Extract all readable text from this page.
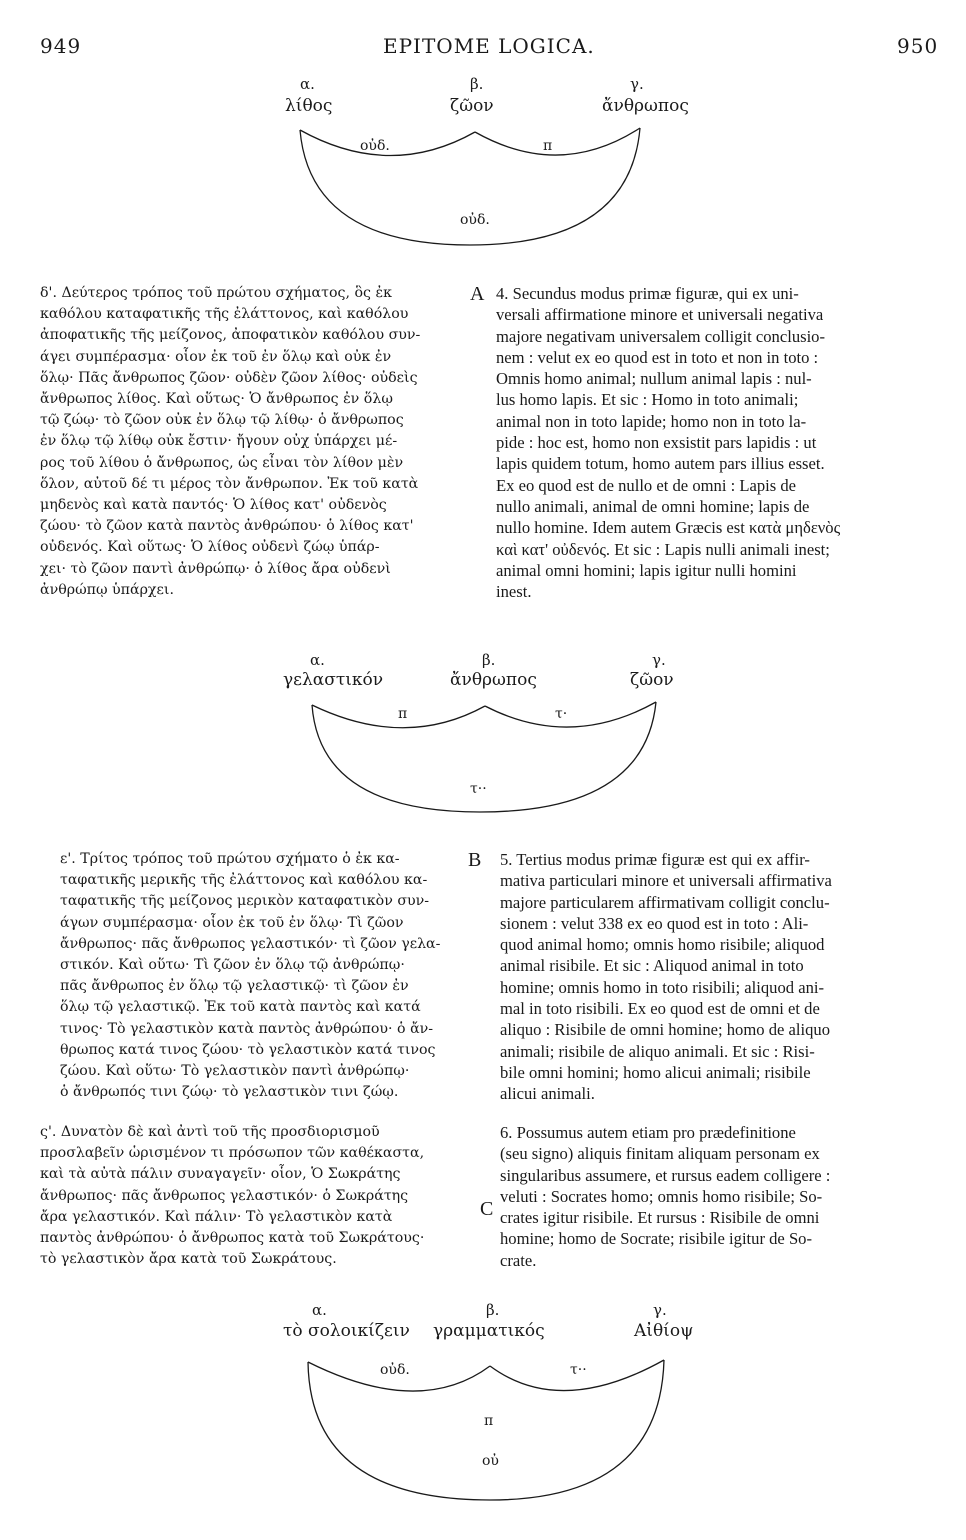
949	EPITOME LOGICA.	950
α.
λίθος
β.
ζῶον
γ.
ἄνθρωπος
οὐδ.	π
οὐδ.
δ'. Δεύτερος τρόπος τοῦ πρώτου σχήματος, ὃς ἐκ
καθόλου καταφατικῆς τῆς ἐλάττονος, καὶ καθόλου
ἀποφατικῆς τῆς μείζονος, ἀποφατικὸν καθόλου συν-
άγει συμπέρασμα· οἷον ἐκ τοῦ ἐν ὅλῳ καὶ οὐκ ἐν
ὅλῳ· Πᾶς ἄνθρωπος ζῶον· οὐδὲν ζῶον λίθος· οὐδεὶς
ἄνθρωπος λίθος. Καὶ οὕτως· Ὁ ἄνθρωπος ἐν ὅλῳ
τῷ ζώῳ· τὸ ζῶον οὐκ ἐν ὅλῳ τῷ λίθῳ· ὁ ἄνθρωπος
ἐν ὅλῳ τῷ λίθῳ οὐκ ἔστιν· ἤγουν οὐχ ὑπάρχει μέ-
ρος τοῦ λίθου ὁ ἄνθρωπος, ὡς εἶναι τὸν λίθον μὲν
ὅλον, αὐτοῦ δέ τι μέρος τὸν ἄνθρωπον. Ἐκ τοῦ κατὰ
μηδενὸς καὶ κατὰ παντός· Ὁ λίθος κατ' οὐδενὸς
ζώου· τὸ ζῶον κατὰ παντὸς ἀνθρώπου· ὁ λίθος κατ'
οὐδενός. Καὶ οὕτως· Ὁ λίθος οὐδενὶ ζώῳ ὑπάρ-
χει· τὸ ζῶον παντὶ ἀνθρώπῳ· ὁ λίθος ἄρα οὐδενὶ
ἀνθρώπῳ ὑπάρχει.
A 4. Secundus modus primæ figuræ, qui ex uni-
versali affirmatione minore et universali negativa
majore negativam universalem colligit conclusio-
nem : velut ex eo quod est in toto et non in toto :
Omnis homo animal; nullum animal lapis : nul-
lus homo lapis. Et sic : Homo in toto animali;
animal non in toto lapide; homo non in toto la-
pide : hoc est, homo non exsistit pars lapidis : ut
lapis quidem totum, homo autem pars illius esset.
Ex eo quod est de nullo et de omni : Lapis de
nullo animali, animal de omni homine; lapis de
nullo homine. Idem autem Græcis est κατὰ μηδενὸς
καὶ κατ' οὐδενός. Et sic : Lapis nulli animali inest;
animal omni homini; lapis igitur nulli homini
inest.
α.
γελαστικόν
β.
ἄνθρωπος
γ.
ζῶον
π	τ·
τ··
ε'. Τρίτος τρόπος τοῦ πρώτου σχήματο ὁ ἐκ κα-
ταφατικῆς μερικῆς τῆς ἐλάττονος καὶ καθόλου κα-
ταφατικῆς τῆς μείζονος μερικὸν καταφατικὸν συν-
άγων συμπέρασμα· οἷον ἐκ τοῦ ἐν ὅλῳ· Τὶ ζῶον
ἄνθρωπος· πᾶς ἄνθρωπος γελαστικόν· τὶ ζῶον γελα-
στικόν. Καὶ οὕτω· Τὶ ζῶον ἐν ὅλῳ τῷ ἀνθρώπῳ·
πᾶς ἄνθρωπος ἐν ὅλῳ τῷ γελαστικῷ· τὶ ζῶον ἐν
ὅλῳ τῷ γελαστικῷ. Ἐκ τοῦ κατὰ παντὸς καὶ κατά
τινος· Τὸ γελαστικὸν κατὰ παντὸς ἀνθρώπου· ὁ ἄν-
θρωπος κατά τινος ζώου· τὸ γελαστικὸν κατά τινος
ζώου. Καὶ οὕτω· Τὸ γελαστικὸν παντὶ ἀνθρώπῳ·
ὁ ἄνθρωπός τινι ζώῳ· τὸ γελαστικὸν τινι ζώῳ.
B 5. Tertius modus primæ figuræ est qui ex affir-
mativa particulari minore et universali affirmativa
majore particularem affirmativam colligit conclu-
sionem : velut 338 ex eo quod est in toto : Ali-
quod animal homo; omnis homo risibile; aliquod
animal risibile. Et sic : Aliquod animal in toto
homine; omnis homo in toto risibili; aliquod ani-
mal in toto risibili. Ex eo quod est de omni et de
aliquo : Risibile de omni homine; homo de aliquo
animali; risibile de aliquo animali. Et sic : Risi-
bile omni homini; homo alicui animali; risibile
alicui animali.
ς'. Δυνατὸν δὲ καὶ ἀντὶ τοῦ τῆς προσδιορισμοῦ
προσλαβεῖν ὡρισμένον τι πρόσωπον τῶν καθέκαστα,
καὶ τὰ αὐτὰ πάλιν συναγαγεῖν· οἷον, Ὁ Σωκράτης
ἄνθρωπος· πᾶς ἄνθρωπος γελαστικόν· ὁ Σωκράτης
ἄρα γελαστικόν. Καὶ πάλιν· Τὸ γελαστικὸν κατὰ
παντὸς ἀνθρώπου· ὁ ἄνθρωπος κατὰ τοῦ Σωκράτους·
τὸ γελαστικὸν ἄρα κατὰ τοῦ Σωκράτους.
C
6. Possumus autem etiam pro prædefinitione
(seu signo) aliquis finitam aliquam personam ex
singularibus assumere, et rursus eadem colligere :
veluti : Socrates homo; omnis homo risibile; So-
crates igitur risibile. Et rursus : Risibile de omni
homine; homo de Socrate; risibile igitur de So-
crate.
α.
τὸ σολοικίζειν
β.
γραμματικός
γ.
Αἰθίοψ
οὐδ.	τ··
π
οὐ
